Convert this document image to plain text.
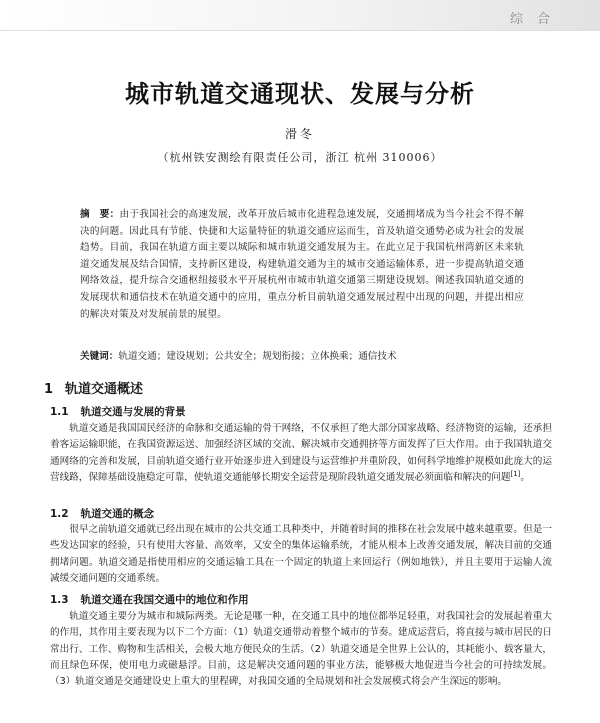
综合
城市轨道交通现状、发展与分析
滑冬
（杭州铁安测绘有限责任公司，浙江 杭州 310006）
摘　要：由于我国社会的高速发展，改革开放后城市化进程急速发展，交通拥堵成为当今社会不得不解决的问题。因此具有节能、快捷和大运量特征的轨道交通应运而生，首及轨道交通势必成为社会的发展趋势。目前，我国在轨道方面主要以城际和城市轨道交通发展为主。在此立足于我国杭州湾新区未来轨道交通发展及结合国情，支持新区建设，构建轨道交通为主的城市交通运输体系，进一步提高轨道交通网络效益，提升综合交通枢纽接驳水平开展杭州市城市轨道交通第三期建设规划。阐述我国轨道交通的发展现状和通信技术在轨道交通中的应用，重点分析目前轨道交通发展过程中出现的问题，并提出相应的解决对策及对发展前景的展望。
关键词：轨道交通；建设规划；公共安全；规划衔接；立体换乘；通信技术
1 轨道交通概述
1.1 轨道交通与发展的背景
轨道交通是我国国民经济的命脉和交通运输的骨干网络，不仅承担了绝大部分国家战略、经济物资的运输，还承担着客运运输职能，在我国资源运送、加强经济区域的交流、解决城市交通拥挤等方面发挥了巨大作用。由于我国轨道交通网络的完善和发展，目前轨道交通行业开始逐步进入到建设与运营维护并重阶段，如何科学地维护规模如此庞大的运营线路，保障基础设施稳定可靠，使轨道交通能够长期安全运营是现阶段轨道交通发展必须面临和解决的问题[1]。
1.2 轨道交通的概念
很早之前轨道交通就已经出现在城市的公共交通工具种类中，并随着时间的推移在社会发展中越来越重要。但是一些发达国家的经验，只有使用大容量、高效率，又安全的集体运输系统，才能从根本上改善交通发展，解决目前的交通拥堵问题。轨道交通是指使用相应的交通运输工具在一个固定的轨道上来回运行（例如地铁），并且主要用于运输人流减缓交通问题的交通系统。
1.3 轨道交通在我国交通中的地位和作用
轨道交通主要分为城市和城际两类。无论是哪一种，在交通工具中的地位都举足轻重，对我国社会的发展起着重大的作用，其作用主要表现为以下二个方面：（1）轨道交通带动着整个城市的节奏。建成运营后，将直接与城市居民的日常出行、工作、购物和生活相关，会极大地方便民众的生活。（2）轨道交通是全世界上公认的，其耗能小、载客量大，而且绿色环保，使用电力或磁悬浮。目前，这是解决交通问题的事业方法，能够极大地促进当今社会的可持续发展。（3）轨道交通是交通建设史上重大的里程碑，对我国交通的全局规划和社会发展模式将会产生深远的影响。
